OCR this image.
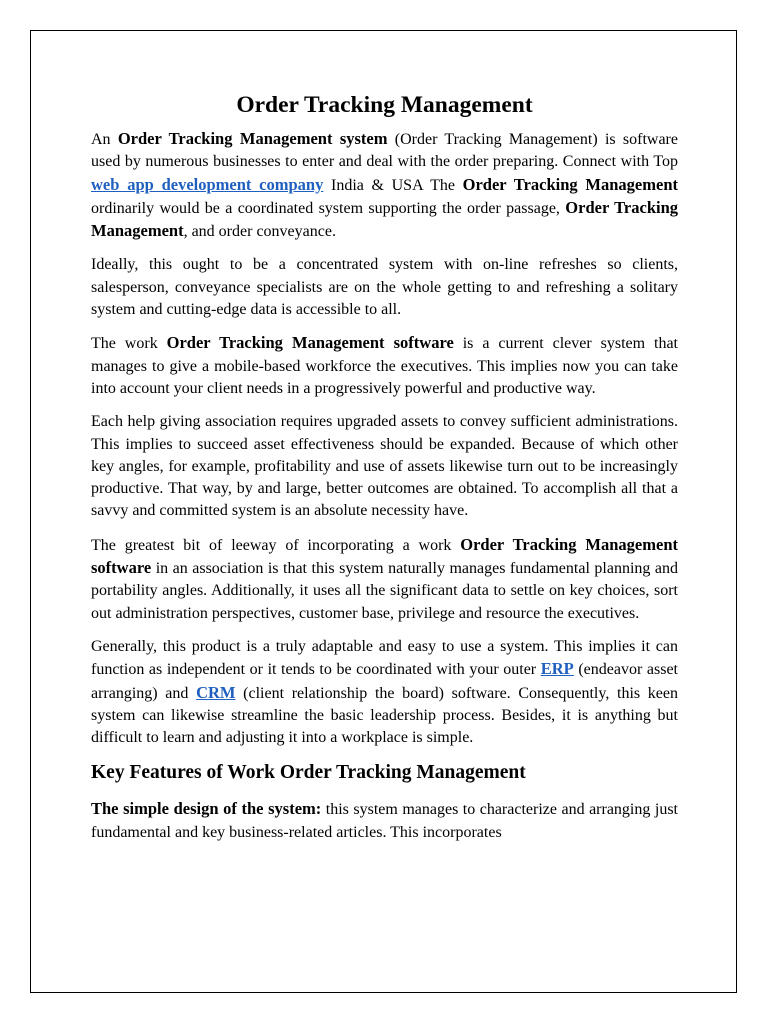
Order Tracking Management

An Order Tracking Management system (Order Tracking Management) is software used by numerous businesses to enter and deal with the order preparing. Connect with Top web app development company India & USA The Order Tracking Management ordinarily would be a coordinated system supporting the order passage, Order Tracking Management, and order conveyance.

Ideally, this ought to be a concentrated system with on-line refreshes so clients, salesperson, conveyance specialists are on the whole getting to and refreshing a solitary system and cutting-edge data is accessible to all.

The work Order Tracking Management software is a current clever system that manages to give a mobile-based workforce the executives. This implies now you can take into account your client needs in a progressively powerful and productive way.

Each help giving association requires upgraded assets to convey sufficient administrations. This implies to succeed asset effectiveness should be expanded. Because of which other key angles, for example, profitability and use of assets likewise turn out to be increasingly productive. That way, by and large, better outcomes are obtained. To accomplish all that a savvy and committed system is an absolute necessity have.

The greatest bit of leeway of incorporating a work Order Tracking Management software in an association is that this system naturally manages fundamental planning and portability angles. Additionally, it uses all the significant data to settle on key choices, sort out administration perspectives, customer base, privilege and resource the executives.

Generally, this product is a truly adaptable and easy to use a system. This implies it can function as independent or it tends to be coordinated with your outer ERP (endeavor asset arranging) and CRM (client relationship the board) software. Consequently, this keen system can likewise streamline the basic leadership process. Besides, it is anything but difficult to learn and adjusting it into a workplace is simple.

Key Features of Work Order Tracking Management

The simple design of the system: this system manages to characterize and arranging just fundamental and key business-related articles. This incorporates
